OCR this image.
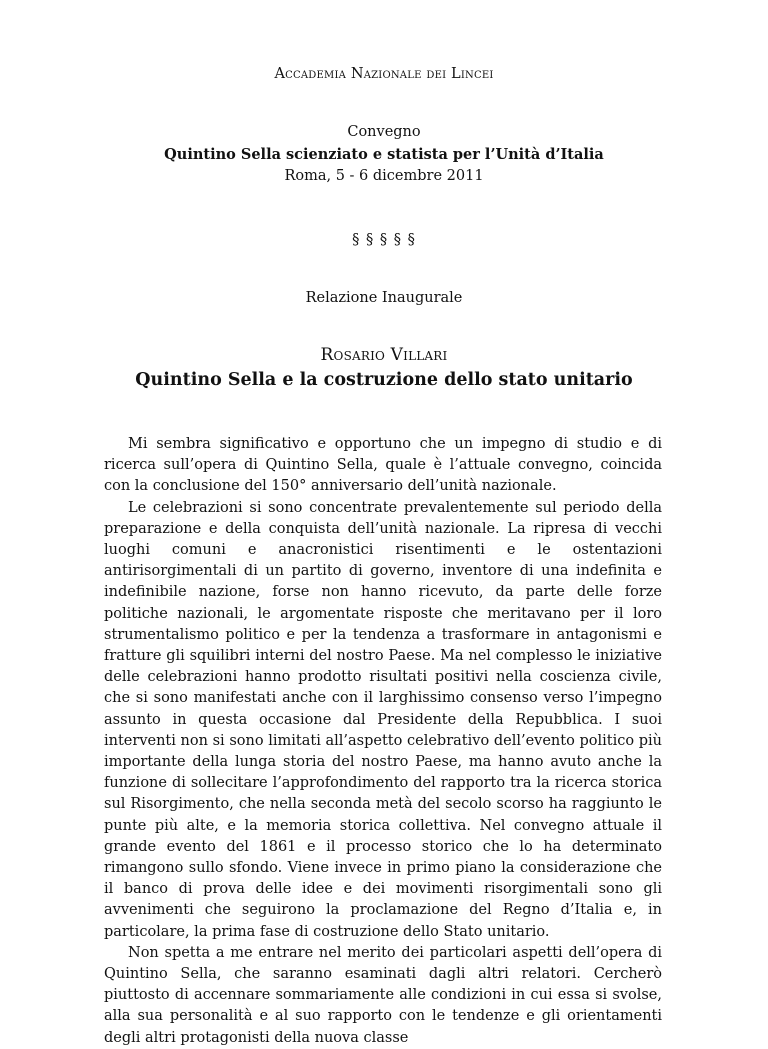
Accademia Nazionale dei Lincei

Convegno

Quintino Sella scienziato e statista per l’Unità d’Italia

Roma, 5 - 6 dicembre 2011

§ § § § §

Relazione Inaugurale

Rosario Villari

Quintino Sella e la costruzione dello stato unitario

Mi sembra significativo e opportuno che un impegno di studio e di ricerca sull’opera di Quintino Sella, quale è l’attuale convegno, coincida con la conclusione del 150° anniversario dell’unità nazionale.

Le celebrazioni si sono concentrate prevalentemente sul periodo della preparazione e della conquista dell’unità nazionale. La ripresa di vecchi luoghi comuni e anacronistici risentimenti e le ostentazioni antirisorgimentali di un partito di governo, inventore di una indefinita e indefinibile nazione, forse non hanno ricevuto, da parte delle forze politiche nazionali, le argomentate risposte che meritavano per il loro strumentalismo politico e per la tendenza a trasformare in antagonismi e fratture gli squilibri interni del nostro Paese. Ma nel complesso le iniziative delle celebrazioni hanno prodotto risultati positivi nella coscienza civile, che si sono manifestati anche con il larghissimo consenso verso l’impegno assunto in questa occasione dal Presidente della Repubblica. I suoi interventi non si sono limitati all’aspetto celebrativo dell’evento politico più importante della lunga storia del nostro Paese, ma hanno avuto anche la funzione di sollecitare l’approfondimento del rapporto tra la ricerca storica sul Risorgimento, che nella seconda metà del secolo scorso ha raggiunto le punte più alte, e la memoria storica collettiva. Nel convegno attuale il grande evento del 1861 e il processo storico che lo ha determinato rimangono sullo sfondo. Viene invece in primo piano la considerazione che il banco di prova delle idee e dei movimenti risorgimentali sono gli avvenimenti che seguirono la proclamazione del Regno d’Italia e, in particolare, la prima fase di costruzione dello Stato unitario.

Non spetta a me entrare nel merito dei particolari aspetti dell’opera di Quintino Sella, che saranno esaminati dagli altri relatori. Cercherò piuttosto di accennare sommariamente alle condizioni in cui essa si svolse, alla sua personalità e al suo rapporto con le tendenze e gli orientamenti degli altri protagonisti della nuova classe
